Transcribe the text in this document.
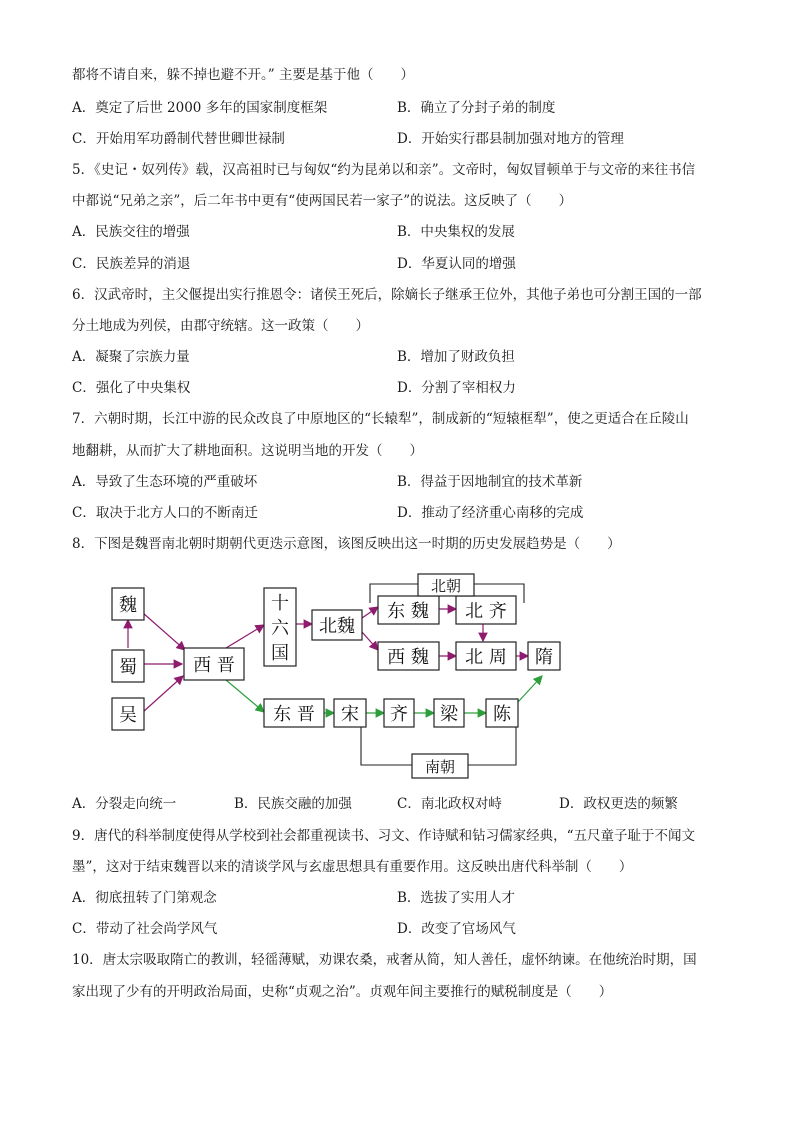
都将不请自来，躲不掉也避不开。” 主要是基于他（　　）
A．奠定了后世 2000 多年的国家制度框架	B．确立了分封子弟的制度
C．开始用军功爵制代替世卿世禄制	D．开始实行郡县制加强对地方的管理
5．《史记・奴列传》载，汉高祖时已与匈奴“约为昆弟以和亲”。文帝时，匈奴冒顿单于与文帝的来往书信
中都说“兄弟之亲”，后二年书中更有“使两国民若一家子”的说法。这反映了（　　）
A．民族交往的增强	B．中央集权的发展
C．民族差异的消退	D．华夏认同的增强
6．汉武帝时，主父偃提出实行推恩令：诸侯王死后，除嫡长子继承王位外，其他子弟也可分割王国的一部
分土地成为列侯，由郡守统辖。这一政策（　　）
A．凝聚了宗族力量	B．增加了财政负担
C．强化了中央集权	D．分割了宰相权力
7．六朝时期，长江中游的民众改良了中原地区的“长辕犁”，制成新的“短辕框犁”，使之更适合在丘陵山
地翻耕，从而扩大了耕地面积。这说明当地的开发（　　）
A．导致了生态环境的严重破坏	B．得益于因地制宜的技术革新
C．取决于北方人口的不断南迁	D．推动了经济重心南移的完成
8．下图是魏晋南北朝时期朝代更迭示意图，该图反映出这一时期的历史发展趋势是（　　）
魏
蜀
吴
西 晋
十
六
国
北魏
东 魏 北 齐
西 魏 北 周 隋
东 晋 宋 齐 梁 陈
北朝
南朝
A．分裂走向统一	B．民族交融的加强	C．南北政权对峙	D．政权更迭的频繁
9．唐代的科举制度使得从学校到社会都重视读书、习文、作诗赋和钻习儒家经典，“五尺童子耻于不闻文
墨”，这对于结束魏晋以来的清谈学风与玄虚思想具有重要作用。这反映出唐代科举制（　　）
A．彻底扭转了门第观念	B．选拔了实用人才
C．带动了社会尚学风气	D．改变了官场风气
10．唐太宗吸取隋亡的教训，轻徭薄赋，劝课农桑，戒奢从简，知人善任，虚怀纳谏。在他统治时期，国
家出现了少有的开明政治局面，史称“贞观之治”。贞观年间主要推行的赋税制度是（　　）
